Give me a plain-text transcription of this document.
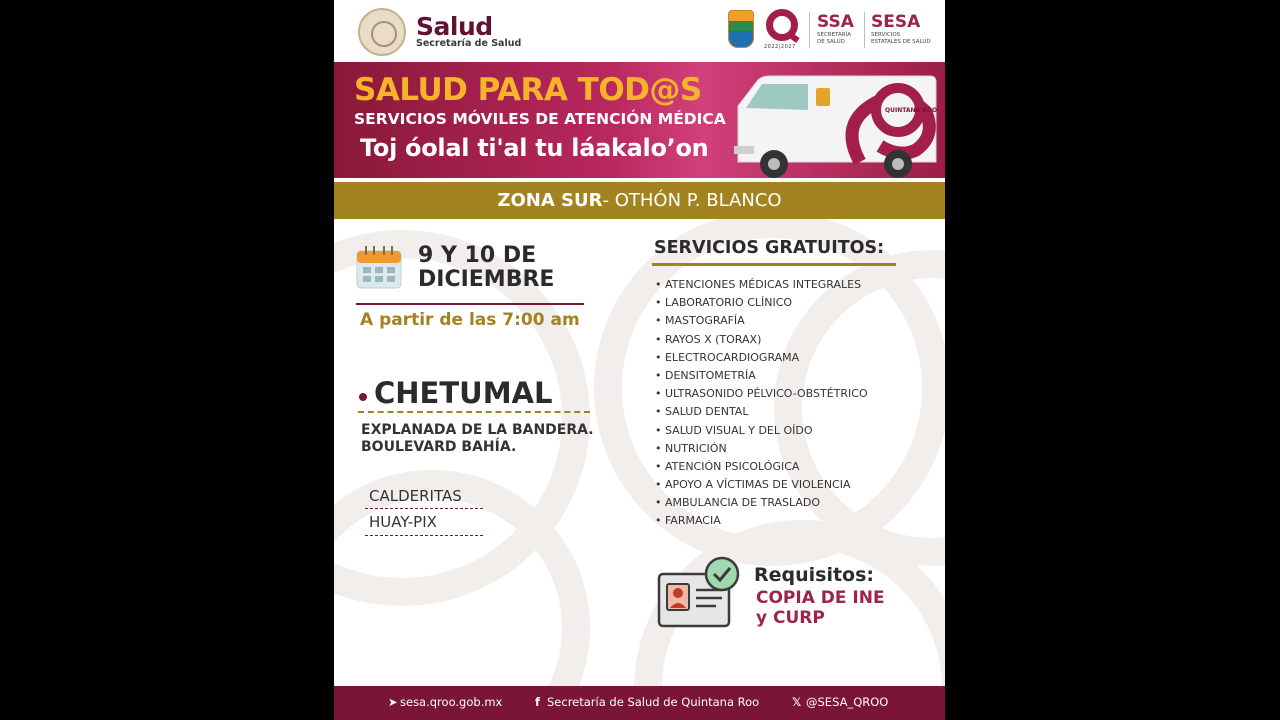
Salud
Secretaría de Salud	2022|2027
SSA
SECRETARÍA DE SALUD
SESA
SERVICIOS ESTATALES DE SALUD
SALUD PARA TOD@S
SERVICIOS MÓVILES DE ATENCIÓN MÉDICA
Toj óolal ti'al tu láakalo’on
QUINTANA ROO
ZONA SUR- OTHÓN P. BLANCO
9 Y 10 DE
DICIEMBRE
A partir de las 7:00 am
CHETUMAL
EXPLANADA DE LA BANDERA.
BOULEVARD BAHÍA.
CALDERITAS
HUAY-PIX
SERVICIOS GRATUITOS:
• ATENCIONES MÉDICAS INTEGRALES
• LABORATORIO CLÍNICO
• MASTOGRAFÍA
• RAYOS X (TORAX)
• ELECTROCARDIOGRAMA
• DENSITOMETRÍA
• ULTRASONIDO PÉLVICO-OBSTÉTRICO
• SALUD DENTAL
• SALUD VISUAL Y DEL OÍDO
• NUTRICIÓN
• ATENCIÓN PSICOLÓGICA
• APOYO A VÍCTIMAS DE VIOLENCIA
• AMBULANCIA DE TRASLADO
• FARMACIA
Requisitos:
COPIA DE INE
y CURP
➤ sesa.qroo.gob.mx	f Secretaría de Salud de Quintana Roo	𝕏 @SESA_QROO
